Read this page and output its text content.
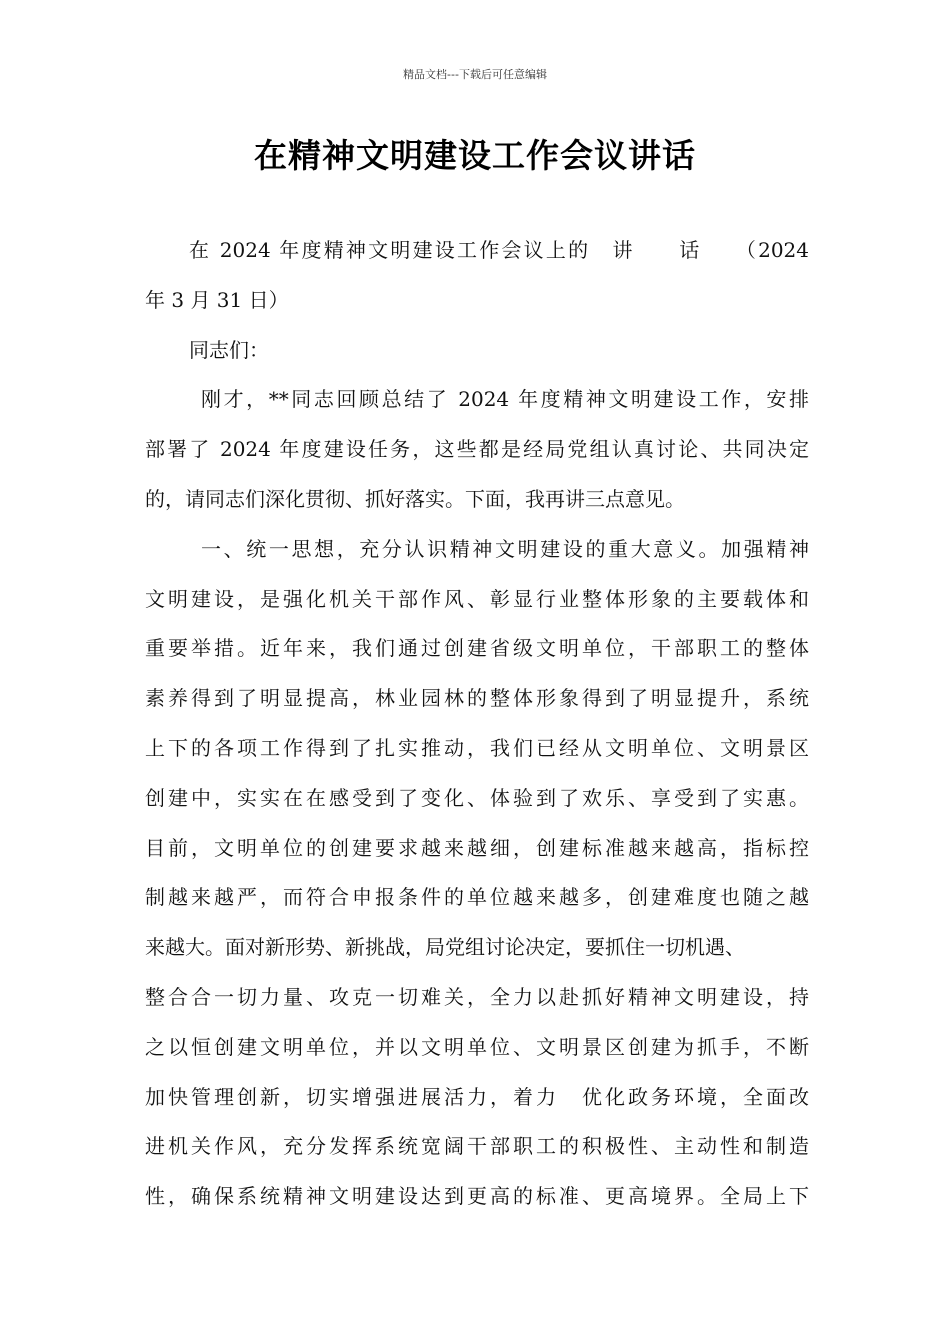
精品文档---下载后可任意编辑
在精神文明建设工作会议讲话
在 2024 年度精神文明建设工作会议上的　讲　　话　　（2024
年 3 月 31 日）
同志们：
刚才，**同志回顾总结了 2024 年度精神文明建设工作，安排
部署了 2024 年度建设任务，这些都是经局党组认真讨论、共同决定
的，请同志们深化贯彻、抓好落实。下面，我再讲三点意见。
一、统一思想，充分认识精神文明建设的重大意义。加强精神
文明建设，是强化机关干部作风、彰显行业整体形象的主要载体和
重要举措。近年来，我们通过创建省级文明单位，干部职工的整体
素养得到了明显提高，林业园林的整体形象得到了明显提升，系统
上下的各项工作得到了扎实推动，我们已经从文明单位、文明景区
创建中，实实在在感受到了变化、体验到了欢乐、享受到了实惠。
目前，文明单位的创建要求越来越细，创建标准越来越高，指标控
制越来越严，而符合申报条件的单位越来越多，创建难度也随之越
来越大。面对新形势、新挑战，局党组讨论决定，要抓住一切机遇、
整合合一切力量、攻克一切难关，全力以赴抓好精神文明建设，持
之以恒创建文明单位，并以文明单位、文明景区创建为抓手，不断
加快管理创新，切实增强进展活力，着力　优化政务环境，全面改
进机关作风，充分发挥系统宽阔干部职工的积极性、主动性和制造
性，确保系统精神文明建设达到更高的标准、更高境界。全局上下
